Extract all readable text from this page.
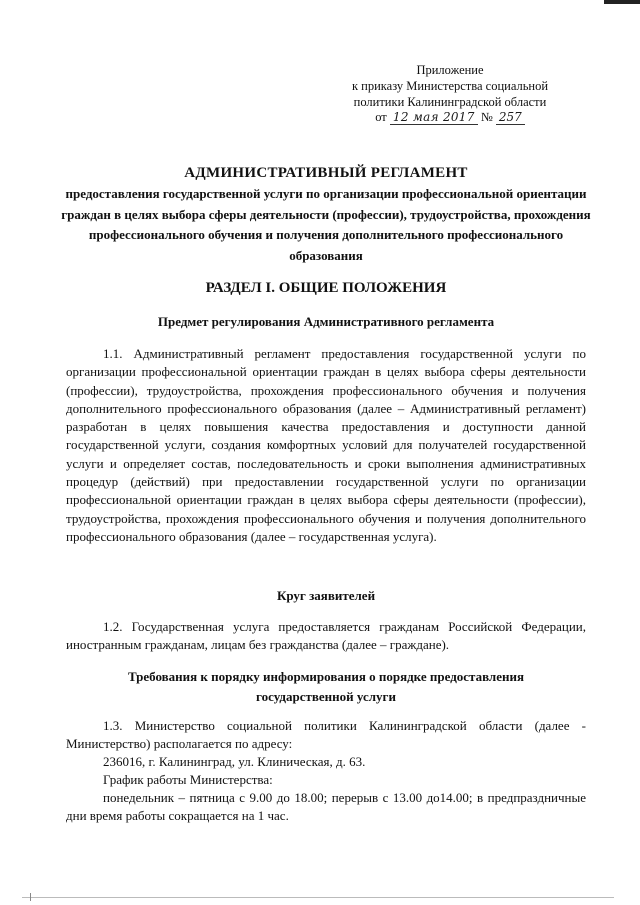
Приложение
к приказу Министерства социальной
политики Калининградской области
от 12 мая 2017 № 257

АДМИНИСТРАТИВНЫЙ РЕГЛАМЕНТ

предоставления государственной услуги по организации профессиональной ориентации граждан в целях выбора сферы деятельности (профессии), трудоустройства, прохождения профессионального обучения и получения дополнительного профессионального образования

РАЗДЕЛ I. ОБЩИЕ ПОЛОЖЕНИЯ

Предмет регулирования Административного регламента

1.1. Административный регламент предоставления государственной услуги по организации профессиональной ориентации граждан в целях выбора сферы деятельности (профессии), трудоустройства, прохождения профессионального обучения и получения дополнительного профессионального образования (далее – Административный регламент) разработан в целях повышения качества предоставления и доступности данной государственной услуги, создания комфортных условий для получателей государственной услуги и определяет состав, последовательность и сроки выполнения административных процедур (действий) при предоставлении государственной услуги по организации профессиональной ориентации граждан в целях выбора сферы деятельности (профессии), трудоустройства, прохождения профессионального обучения и получения дополнительного профессионального образования (далее – государственная услуга).

Круг заявителей

1.2. Государственная услуга предоставляется гражданам Российской Федерации, иностранным гражданам, лицам без гражданства (далее – граждане).

Требования к порядку информирования о порядке предоставления государственной услуги

1.3. Министерство социальной политики Калининградской области (далее - Министерство) располагается по адресу:

236016, г. Калининград, ул. Клиническая, д. 63.

График работы Министерства:

понедельник – пятница с 9.00 до 18.00; перерыв с 13.00 до14.00; в предпраздничные дни время работы сокращается на 1 час.
